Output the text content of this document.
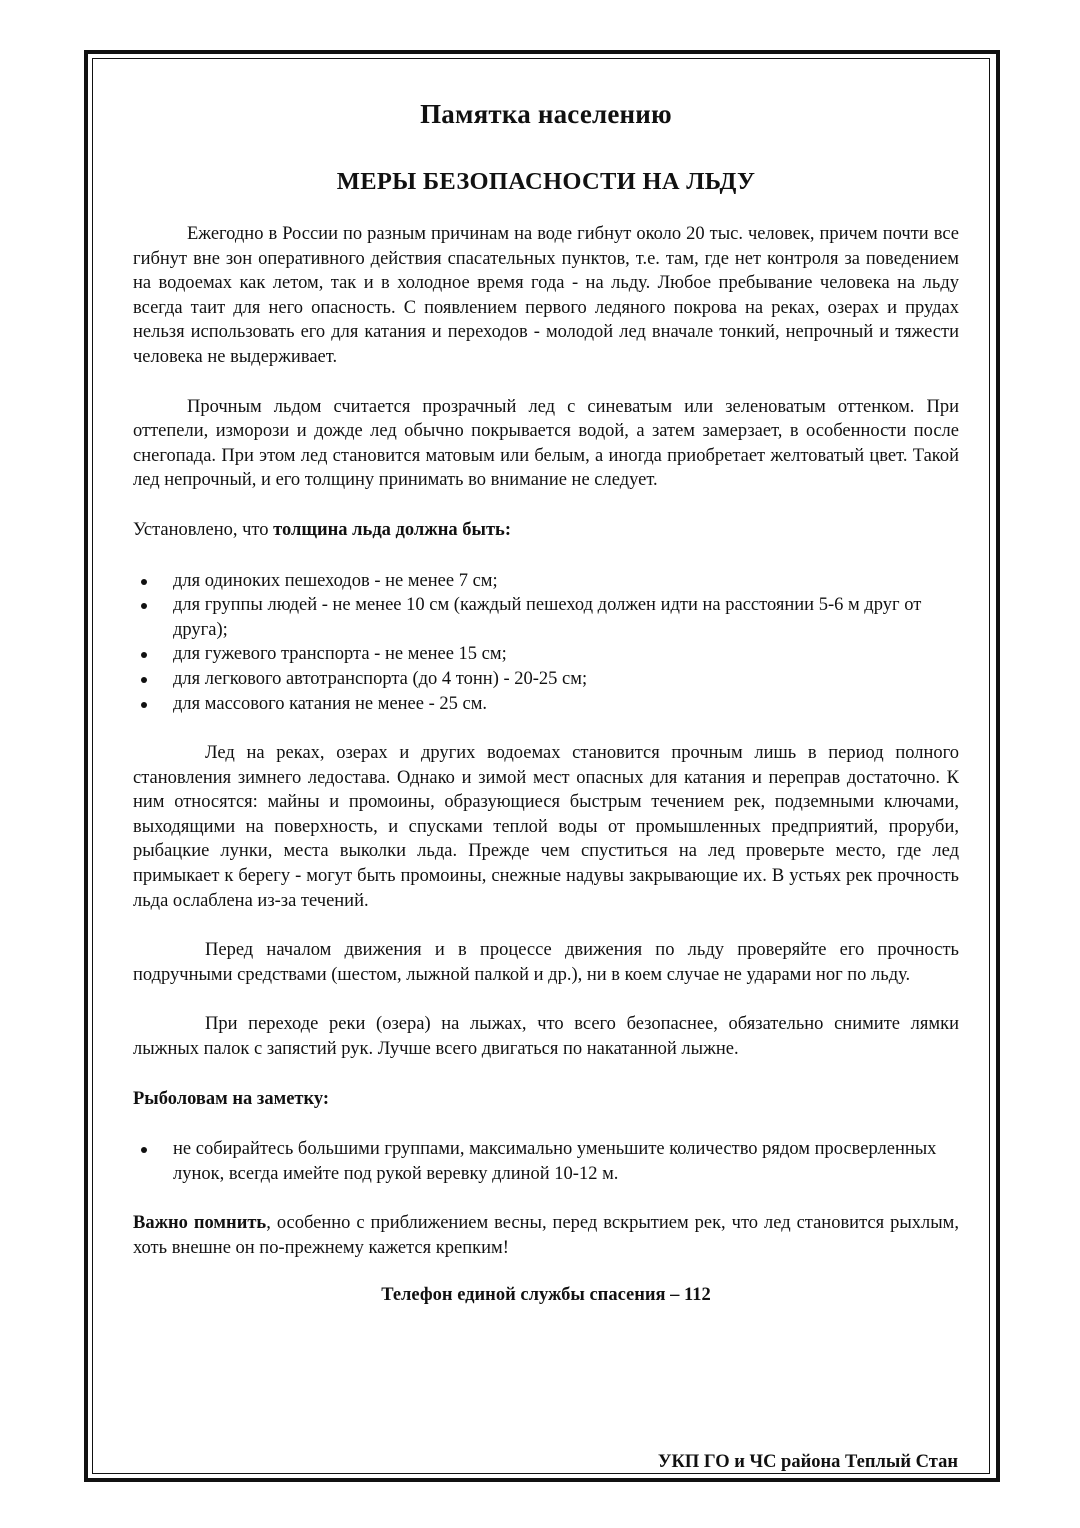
Памятка населению
МЕРЫ БЕЗОПАСНОСТИ НА ЛЬДУ

Ежегодно в России по разным причинам на воде гибнут около 20 тыс. человек, причем почти все гибнут вне зон оперативного действия спасательных пунктов, т.е. там, где нет контроля за поведением на водоемах как летом, так и в холодное время года - на льду. Любое пребывание человека на льду всегда таит для него опасность. С появлением первого ледяного покрова на реках, озерах и прудах нельзя использовать его для катания и переходов - молодой лед вначале тонкий, непрочный и тяжести человека не выдерживает.

Прочным льдом считается прозрачный лед с синеватым или зеленоватым оттенком. При оттепели, изморози и дожде лед обычно покрывается водой, а затем замерзает, в особенности после снегопада. При этом лед становится матовым или белым, а иногда приобретает желтоватый цвет. Такой лед непрочный, и его толщину принимать во внимание не следует.

Установлено, что толщина льда должна быть:

для одиноких пешеходов - не менее 7 см;
для группы людей - не менее 10 см (каждый пешеход должен идти на расстоянии 5-6 м друг от друга);
для гужевого транспорта - не менее 15 см;
для легкового автотранспорта (до 4 тонн) - 20-25 см;
для массового катания не менее - 25 см.

Лед на реках, озерах и других водоемах становится прочным лишь в период полного становления зимнего ледостава. Однако и зимой мест опасных для катания и переправ достаточно. К ним относятся: майны и промоины, образующиеся быстрым течением рек, подземными ключами, выходящими на поверхность, и спусками теплой воды от промышленных предприятий, проруби, рыбацкие лунки, места выколки льда. Прежде чем спуститься на лед проверьте место, где лед примыкает к берегу - могут быть промоины, снежные надувы закрывающие их. В устьях рек прочность льда ослаблена из-за течений.

Перед началом движения и в процессе движения по льду проверяйте его прочность подручными средствами (шестом, лыжной палкой и др.), ни в коем случае не ударами ног по льду.

При переходе реки (озера) на лыжах, что всего безопаснее, обязательно снимите лямки лыжных палок с запястий рук. Лучше всего двигаться по накатанной лыжне.

Рыболовам на заметку:

не собирайтесь большими группами, максимально уменьшите количество рядом просверленных лунок, всегда имейте под рукой веревку длиной 10-12 м.

Важно помнить, особенно с приближением весны, перед вскрытием рек, что лед становится рыхлым, хоть внешне он по-прежнему кажется крепким!

Телефон единой службы спасения – 112

УКП ГО и ЧС района Теплый Стан
